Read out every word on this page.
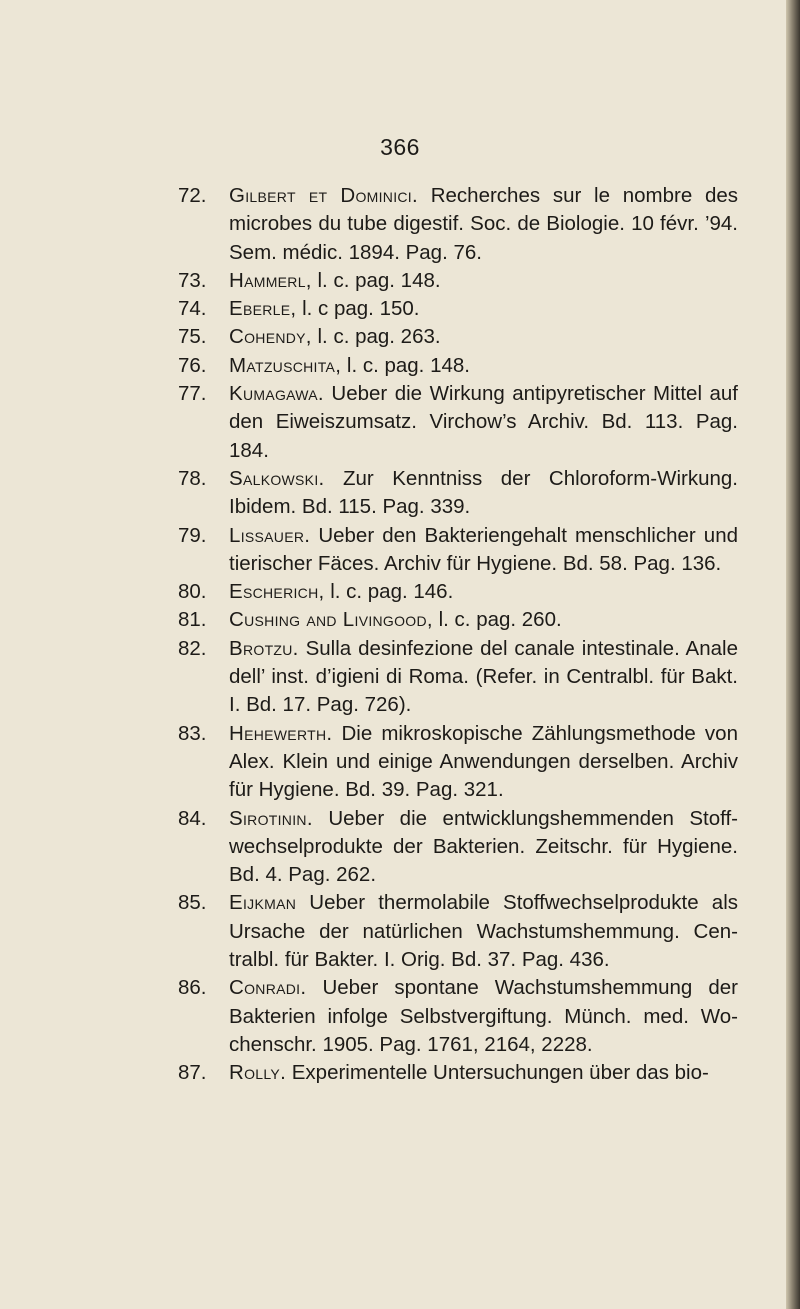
366
72.	Gilbert et Dominici. Recherches sur le nombre des microbes du tube digestif. Soc. de Biologie. 10 févr. ’94. Sem. médic. 1894. Pag. 76.
73.	Hammerl, l. c. pag. 148.
74.	Eberle, l. c pag. 150.
75.	Cohendy, l. c. pag. 263.
76.	Matzuschita, l. c. pag. 148.
77.	Kumagawa. Ueber die Wirkung antipyretischer Mittel auf den Eiweiszumsatz. Virchow’s Archiv. Bd. 113. Pag. 184.
78.	Salkowski. Zur Kenntniss der Chloroform-Wirkung. Ibidem. Bd. 115. Pag. 339.
79.	Lissauer. Ueber den Bakteriengehalt menschlicher und tierischer Fäces. Archiv für Hygiene. Bd. 58. Pag. 136.
80.	Escherich, l. c. pag. 146.
81.	Cushing and Livingood, l. c. pag. 260.
82.	Brotzu. Sulla desinfezione del canale intestinale. Anale dell’ inst. d’igieni di Roma. (Refer. in Centralbl. für Bakt. I. Bd. 17. Pag. 726).
83.	Hehewerth. Die mikroskopische Zählungsmethode von Alex. Klein und einige Anwendungen derselben. Archiv für Hygiene. Bd. 39. Pag. 321.
84.	Sirotinin. Ueber die entwicklungshemmenden Stoff-wechselprodukte der Bakterien. Zeitschr. für Hygiene. Bd. 4. Pag. 262.
85.	Eijkman Ueber thermolabile Stoffwechselprodukte als Ursache der natürlichen Wachstumshemmung. Cen-tralbl. für Bakter. I. Orig. Bd. 37. Pag. 436.
86.	Conradi. Ueber spontane Wachstumshemmung der Bakterien infolge Selbstvergiftung. Münch. med. Wo-chenschr. 1905. Pag. 1761, 2164, 2228.
87.	Rolly. Experimentelle Untersuchungen über das bio-
